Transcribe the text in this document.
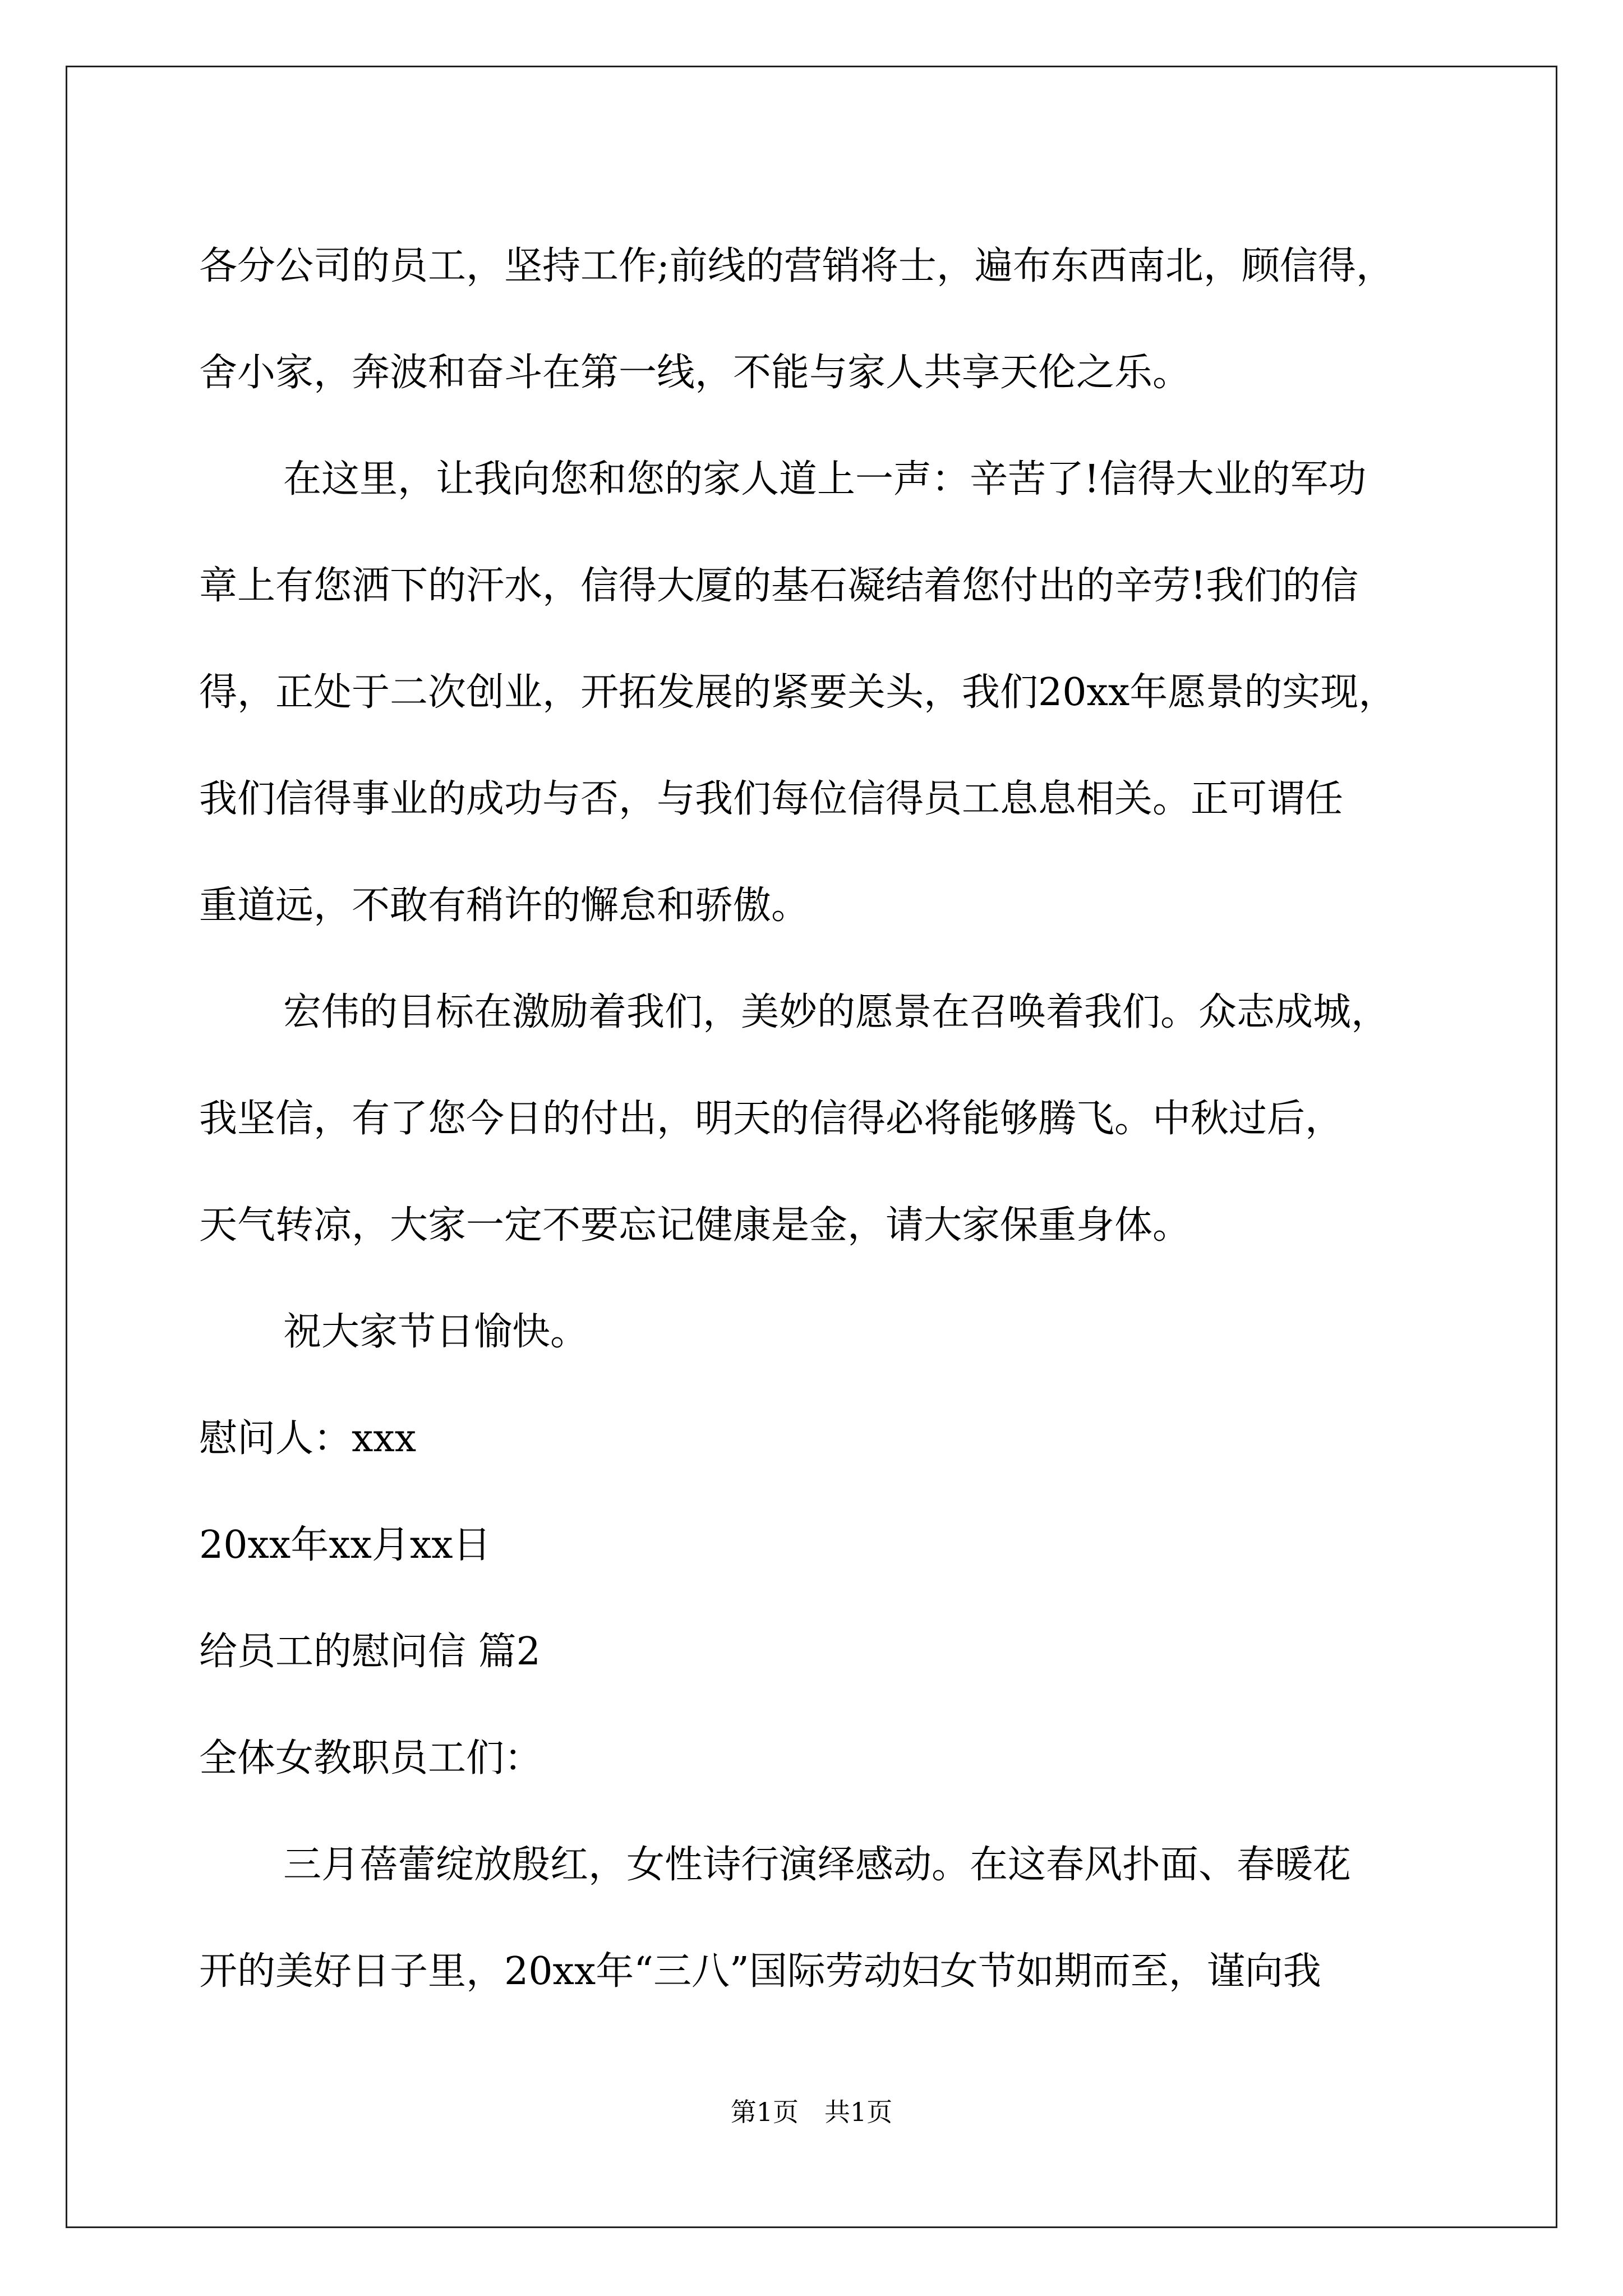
各分公司的员工，坚持工作;前线的营销将士，遍布东西南北，顾信得，
舍小家，奔波和奋斗在第一线，不能与家人共享天伦之乐。
在这里，让我向您和您的家人道上一声：辛苦了!信得大业的军功
章上有您洒下的汗水，信得大厦的基石凝结着您付出的辛劳!我们的信
得，正处于二次创业，开拓发展的紧要关头，我们20xx年愿景的实现，
我们信得事业的成功与否，与我们每位信得员工息息相关。正可谓任
重道远，不敢有稍许的懈怠和骄傲。
宏伟的目标在激励着我们，美妙的愿景在召唤着我们。众志成城，
我坚信，有了您今日的付出，明天的信得必将能够腾飞。中秋过后，
天气转凉，大家一定不要忘记健康是金，请大家保重身体。
祝大家节日愉快。
慰问人：xxx
20xx年xx月xx日
给员工的慰问信 篇2
全体女教职员工们：
三月蓓蕾绽放殷红，女性诗行演绎感动。在这春风扑面、春暖花
开的美好日子里，20xx年“三八”国际劳动妇女节如期而至，谨向我
第1页　共1页
